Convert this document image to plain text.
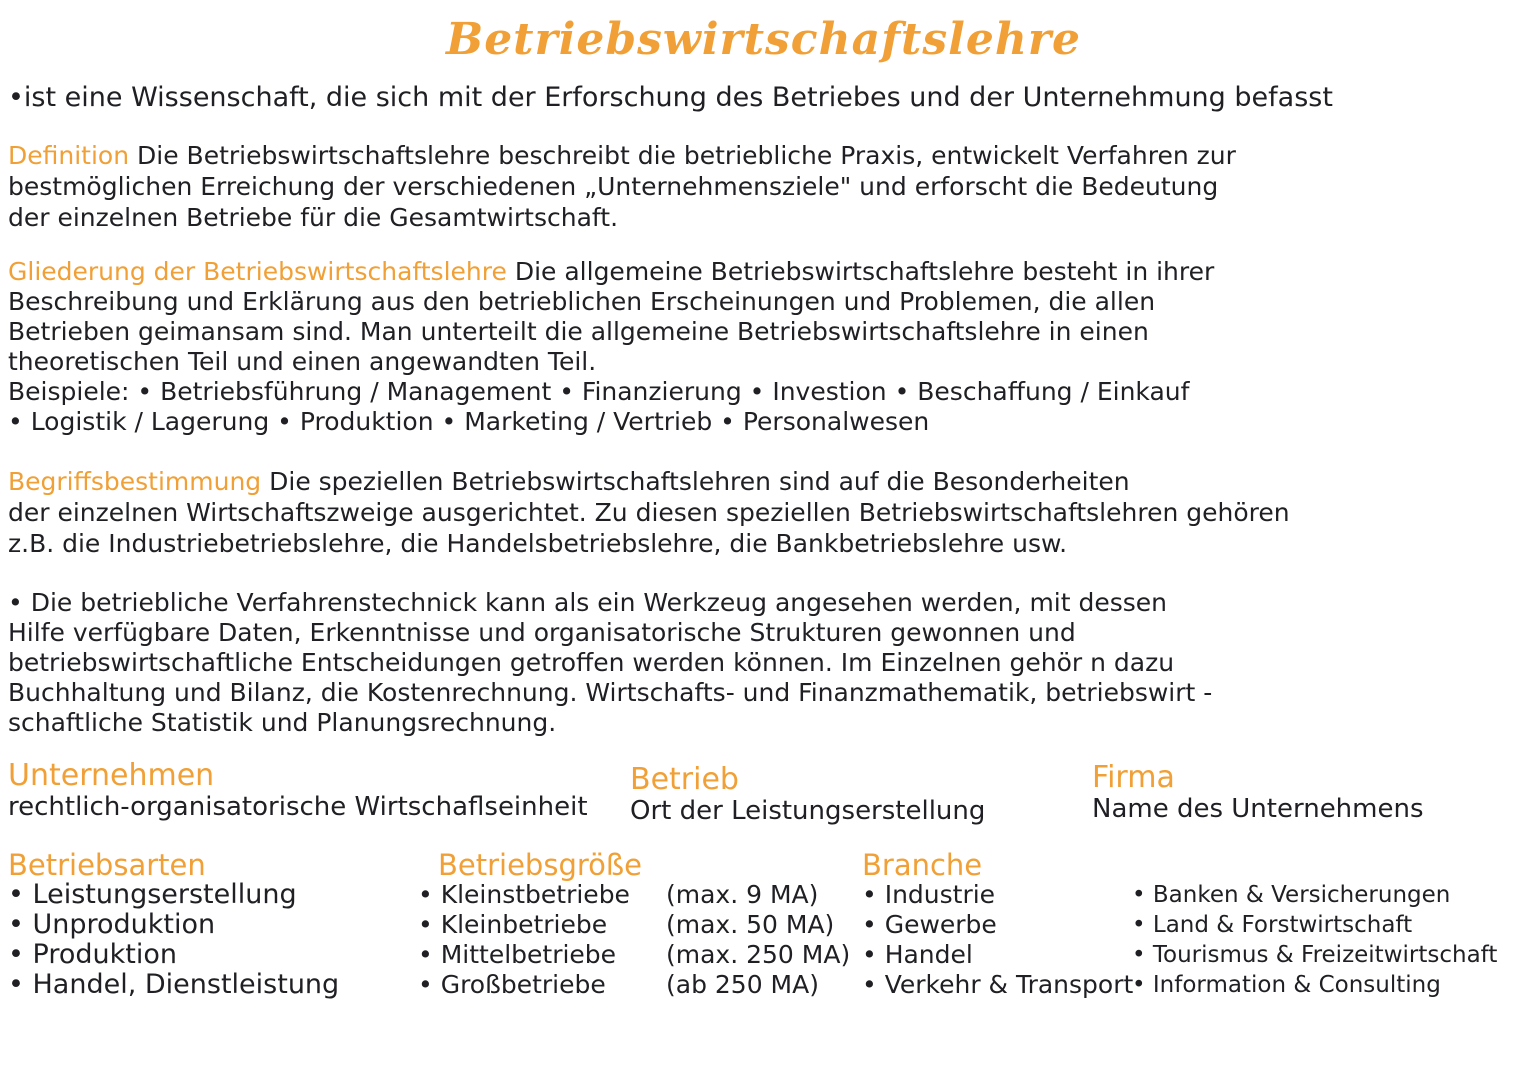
Betriebswirtschaftslehre
•ist eine Wissenschaft, die sich mit der Erforschung des Betriebes und der Unternehmung befasst
Definition Die Betriebswirtschaftslehre beschreibt die betriebliche Praxis, entwickelt Verfahren zur
bestmöglichen Erreichung der verschiedenen „Unternehmensziele" und erforscht die Bedeutung
der einzelnen Betriebe für die Gesamtwirtschaft.
Gliederung der Betriebswirtschaftslehre Die allgemeine Betriebswirtschaftslehre besteht in ihrer
Beschreibung und Erklärung aus den betrieblichen Erscheinungen und Problemen, die allen
Betrieben geimansam sind. Man unterteilt die allgemeine Betriebswirtschaftslehre in einen
theoretischen Teil und einen angewandten Teil.
Beispiele: • Betriebsführung / Management • Finanzierung • Investion • Beschaffung / Einkauf
• Logistik / Lagerung • Produktion • Marketing / Vertrieb • Personalwesen
Begriffsbestimmung Die speziellen Betriebswirtschaftslehren sind auf die Besonderheiten
der einzelnen Wirtschaftszweige ausgerichtet. Zu diesen speziellen Betriebswirtschaftslehren gehören
z.B. die Industriebetriebslehre, die Handelsbetriebslehre, die Bankbetriebslehre usw.
• Die betriebliche Verfahrenstechnick kann als ein Werkzeug angesehen werden, mit dessen
Hilfe verfügbare Daten, Erkenntnisse und organisatorische Strukturen gewonnen und
betriebswirtschaftliche Entscheidungen getroffen werden können. Im Einzelnen gehör n dazu
Buchhaltung und Bilanz, die Kostenrechnung. Wirtschafts- und Finanzmathematik, betriebswirt -
schaftliche Statistik und Planungsrechnung.
Unternehmen
rechtlich-organisatorische Wirtschaflseinheit
Betrieb
Ort der Leistungserstellung
Firma
Name des Unternehmens
Betriebsarten
• Leistungserstellung
• Unproduktion
• Produktion
• Handel, Dienstleistung
Betriebsgröße
• Kleinstbetriebe
• Kleinbetriebe
• Mittelbetriebe
• Großbetriebe
(max. 9 MA)
(max. 50 MA)
(max. 250 MA)
(ab 250 MA)
Branche
• Industrie
• Gewerbe
• Handel
• Verkehr & Transport
• Banken & Versicherungen
• Land & Forstwirtschaft
• Tourismus & Freizeitwirtschaft
• Information & Consulting
